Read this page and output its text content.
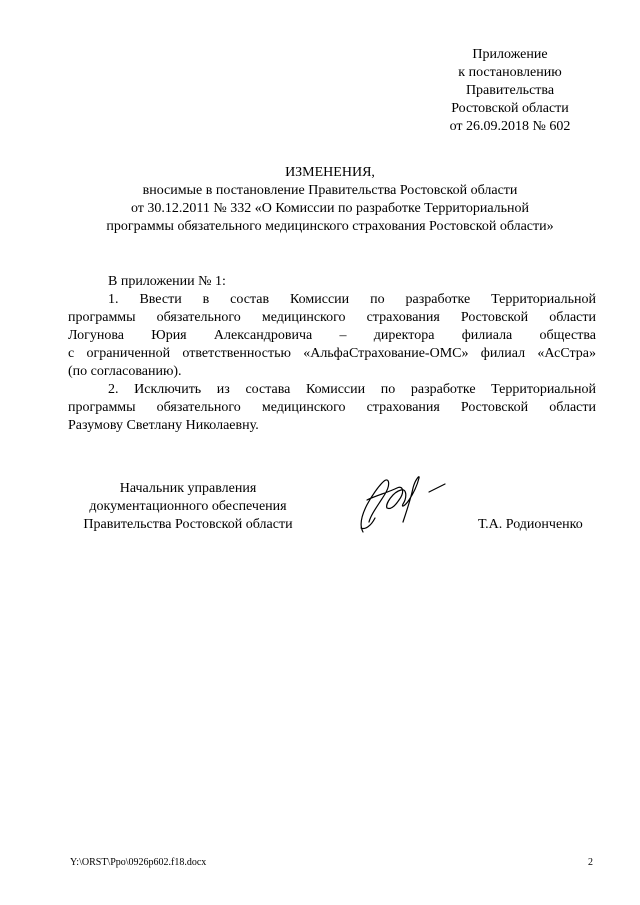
Приложение
к постановлению
Правительства
Ростовской области
от 26.09.2018 № 602
ИЗМЕНЕНИЯ,
вносимые в постановление Правительства Ростовской области
от 30.12.2011 № 332 «О Комиссии по разработке Территориальной
программы обязательного медицинского страхования Ростовской области»
В приложении № 1:

1. Ввести в состав Комиссии по разработке Территориальной

программы обязательного медицинского страхования Ростовской области

Логунова Юрия Александровича – директора филиала общества

с ограниченной ответственностью «АльфаСтрахование-ОМС» филиал «АсСтра»

(по согласованию).

2. Исключить из состава Комиссии по разработке Территориальной

программы обязательного медицинского страхования Ростовской области

Разумову Светлану Николаевну.

Начальник управления
документационного обеспечения
Правительства Ростовской области	Т.А. Родионченко
Y:\ORST\Ppo\0926p602.f18.docx	2
